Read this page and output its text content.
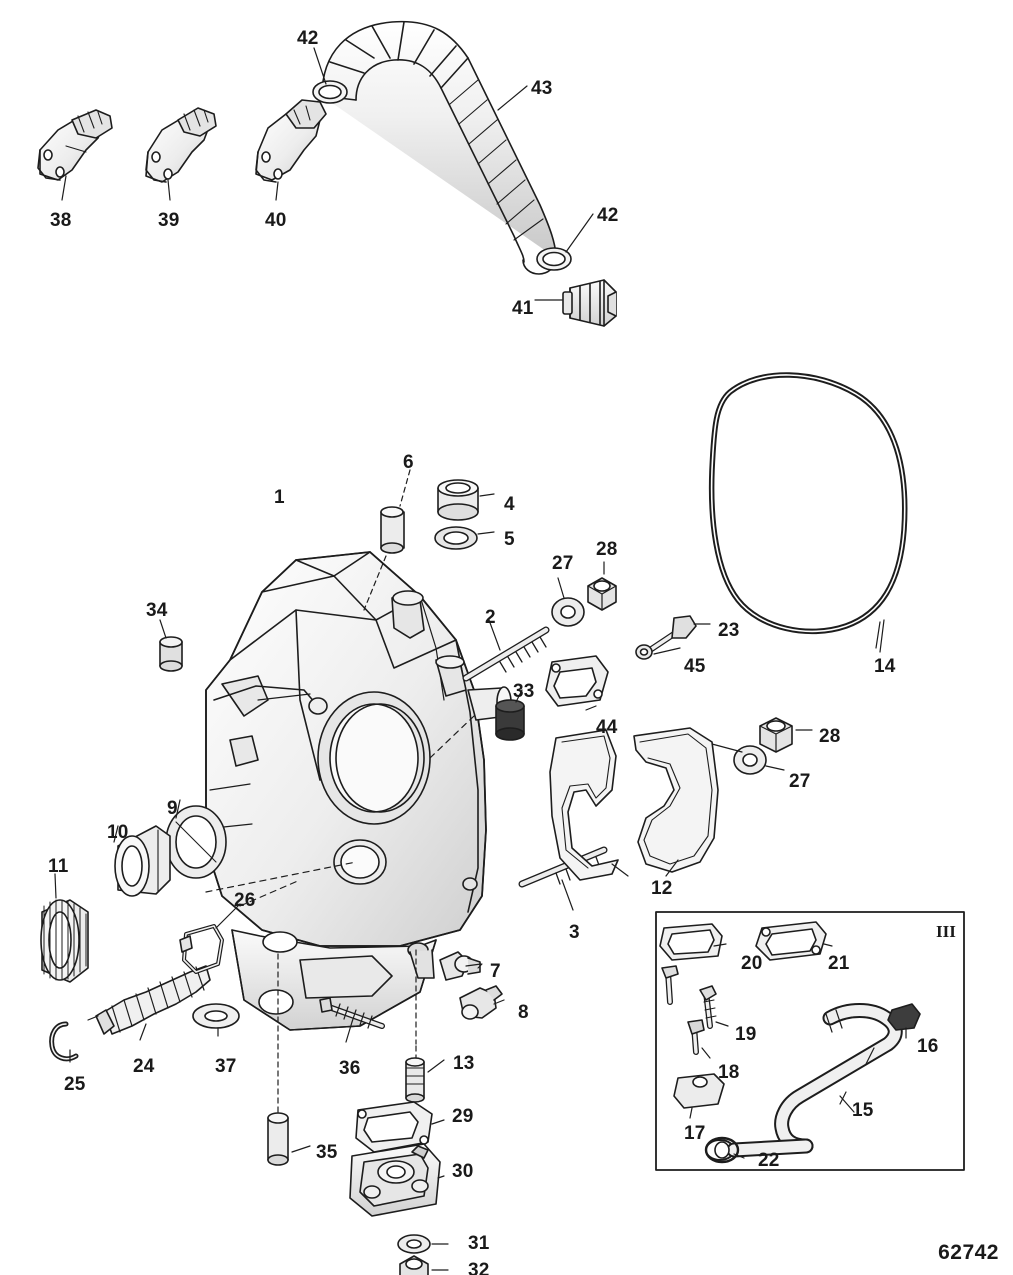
42
43
38	39	40	42
41
6
1	4
5
27
28
34	2
23
45	14
33
44	28
27
9
10
11
12
26
3
7	20	21
8
19
16
24	37	36	13	18
25
15
17
29
35	22
30
31
32
III
62742
